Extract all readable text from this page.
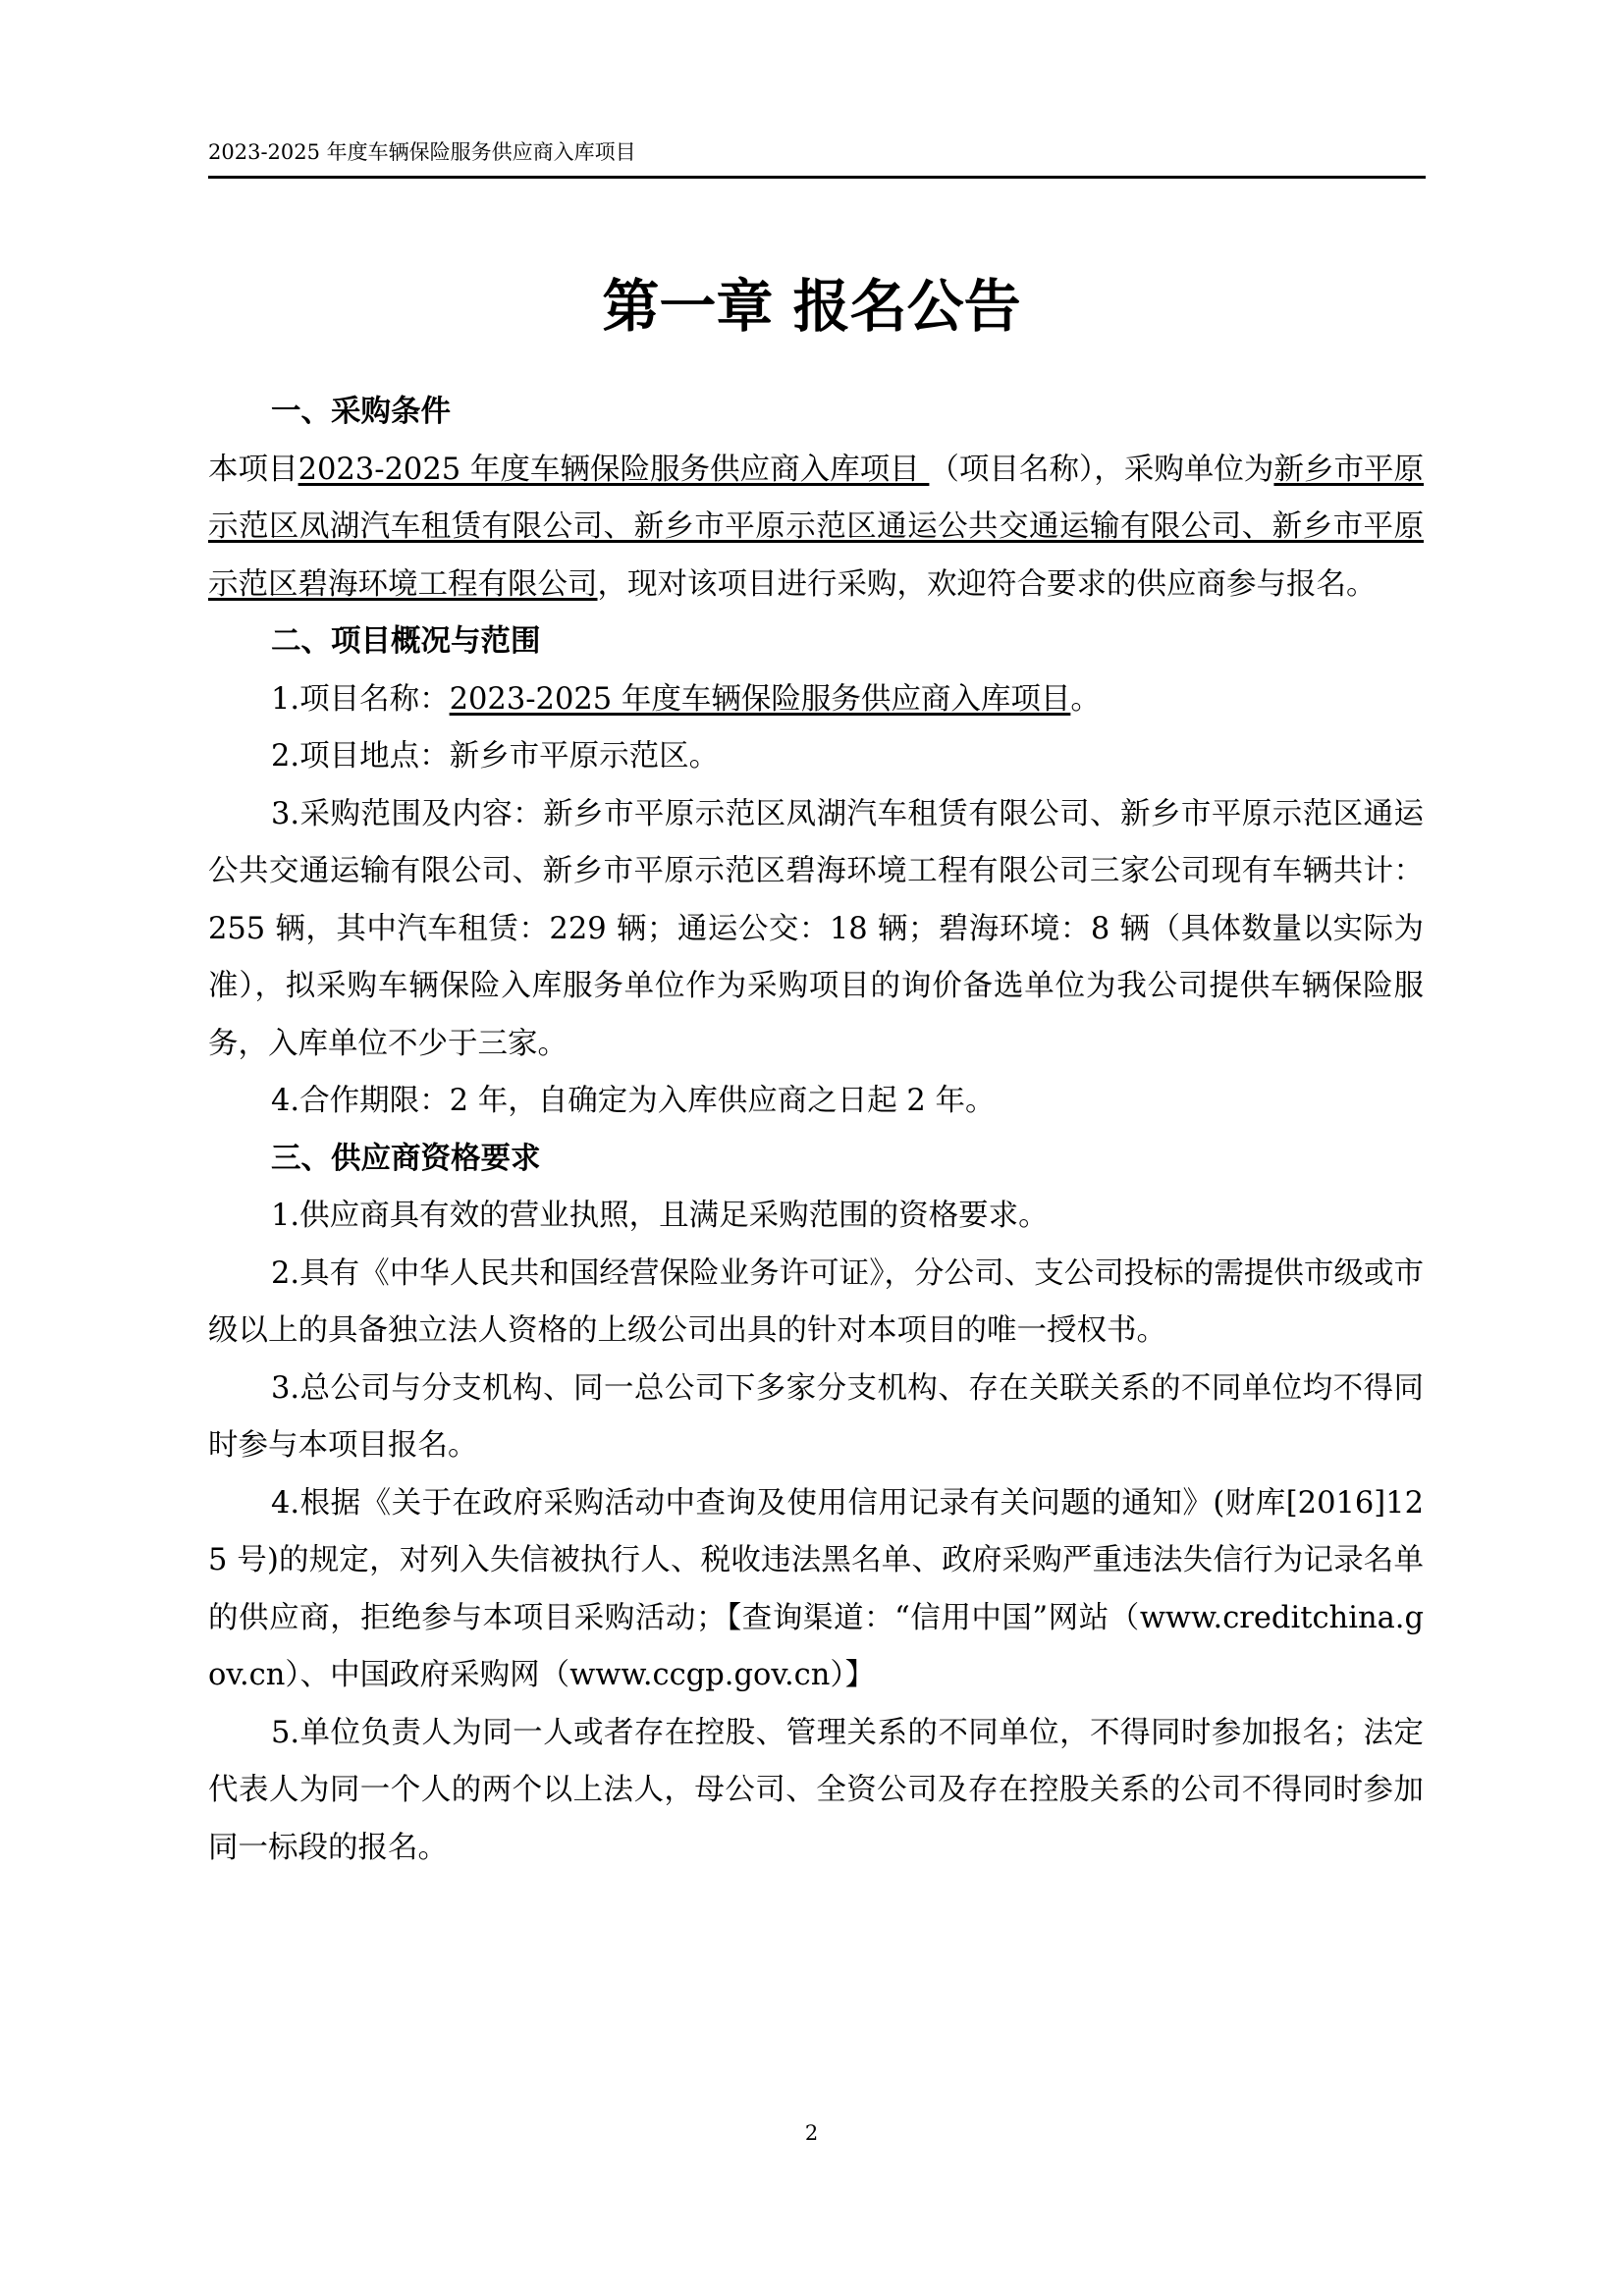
2023-2025 年度车辆保险服务供应商入库项目
第一章 报名公告

一、采购条件

本项目2023-2025 年度车辆保险服务供应商入库项目 （项目名称），采购单位为新乡市平原示范区凤湖汽车租赁有限公司、新乡市平原示范区通运公共交通运输有限公司、新乡市平原示范区碧海环境工程有限公司，现对该项目进行采购，欢迎符合要求的供应商参与报名。

二、项目概况与范围

1.项目名称：2023-2025 年度车辆保险服务供应商入库项目。

2.项目地点：新乡市平原示范区。

3.采购范围及内容：新乡市平原示范区凤湖汽车租赁有限公司、新乡市平原示范区通运公共交通运输有限公司、新乡市平原示范区碧海环境工程有限公司三家公司现有车辆共计：255 辆，其中汽车租赁：229 辆；通运公交：18 辆；碧海环境：8 辆（具体数量以实际为准），拟采购车辆保险入库服务单位作为采购项目的询价备选单位为我公司提供车辆保险服务，入库单位不少于三家。

4.合作期限：2 年，自确定为入库供应商之日起 2 年。

三、供应商资格要求

1.供应商具有效的营业执照，且满足采购范围的资格要求。

2.具有《中华人民共和国经营保险业务许可证》，分公司、支公司投标的需提供市级或市级以上的具备独立法人资格的上级公司出具的针对本项目的唯一授权书。

3.总公司与分支机构、同一总公司下多家分支机构、存在关联关系的不同单位均不得同时参与本项目报名。

4.根据《关于在政府采购活动中查询及使用信用记录有关问题的通知》(财库[2016]125 号)的规定，对列入失信被执行人、税收违法黑名单、政府采购严重违法失信行为记录名单的供应商，拒绝参与本项目采购活动；【查询渠道：“信用中国”网站（www.creditchina.gov.cn）、中国政府采购网（www.ccgp.gov.cn）】

5.单位负责人为同一人或者存在控股、管理关系的不同单位，不得同时参加报名；法定代表人为同一个人的两个以上法人，母公司、全资公司及存在控股关系的公司不得同时参加同一标段的报名。

2
